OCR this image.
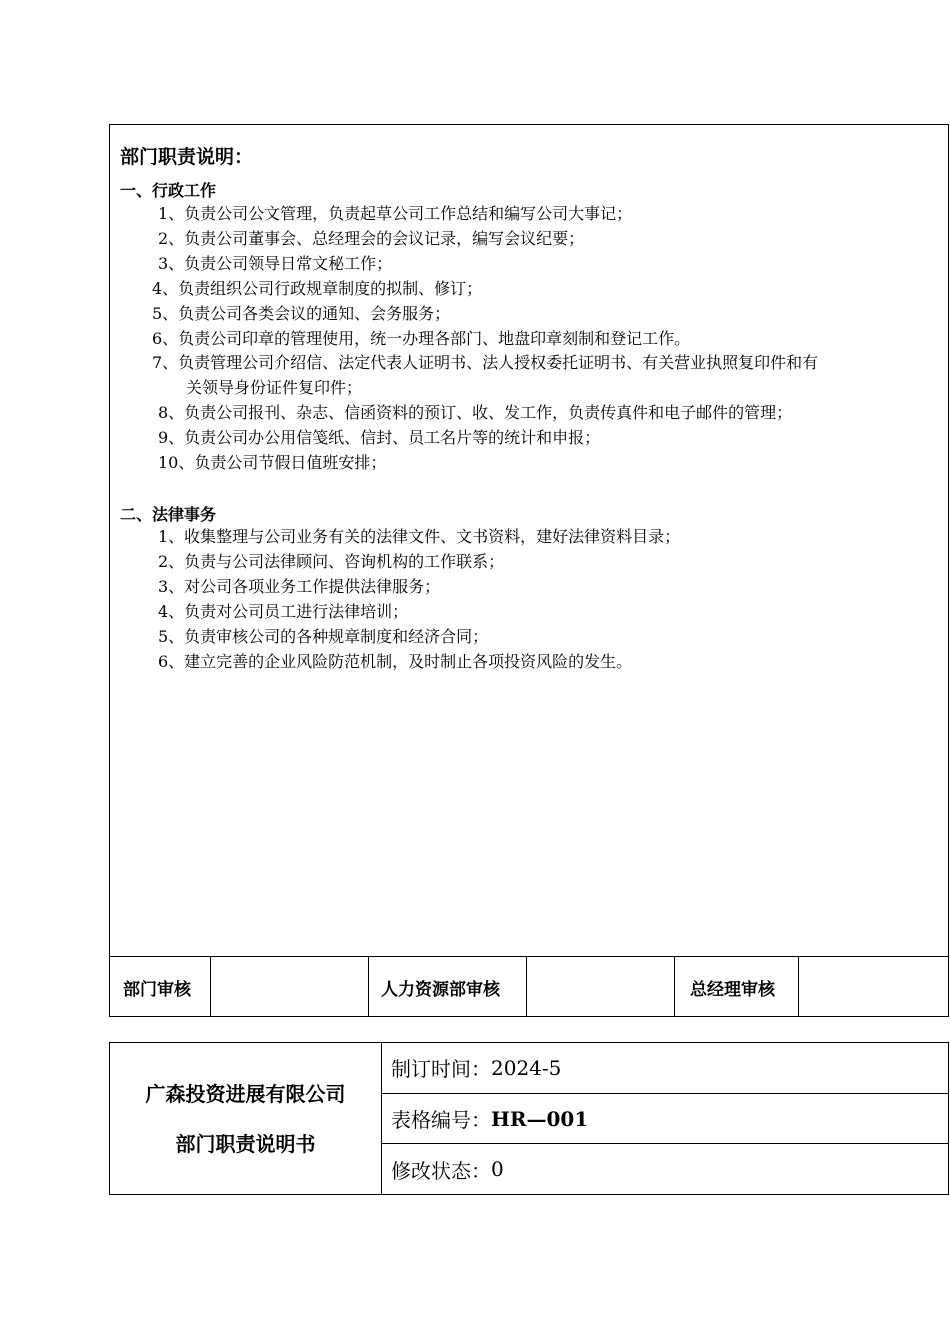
部门职责说明：
一、行政工作
1、负责公司公文管理，负责起草公司工作总结和编写公司大事记；
2、负责公司董事会、总经理会的会议记录，编写会议纪要；
3、负责公司领导日常文秘工作；
4、负责组织公司行政规章制度的拟制、修订；
5、负责公司各类会议的通知、会务服务；
6、负责公司印章的管理使用，统一办理各部门、地盘印章刻制和登记工作。
7、负责管理公司介绍信、法定代表人证明书、法人授权委托证明书、有关营业执照复印件和有
关领导身份证件复印件；
8、负责公司报刊、杂志、信函资料的预订、收、发工作，负责传真件和电子邮件的管理；
9、负责公司办公用信笺纸、信封、员工名片等的统计和申报；
10、负责公司节假日值班安排；
二、法律事务
1、收集整理与公司业务有关的法律文件、文书资料，建好法律资料目录；
2、负责与公司法律顾问、咨询机构的工作联系；
3、对公司各项业务工作提供法律服务；
4、负责对公司员工进行法律培训；
5、负责审核公司的各种规章制度和经济合同；
6、建立完善的企业风险防范机制，及时制止各项投资风险的发生。
部门审核	人力资源部审核	总经理审核
广森投资进展有限公司
部门职责说明书
制订时间： 2024-5
表格编号： HR—001
修改状态： 0
